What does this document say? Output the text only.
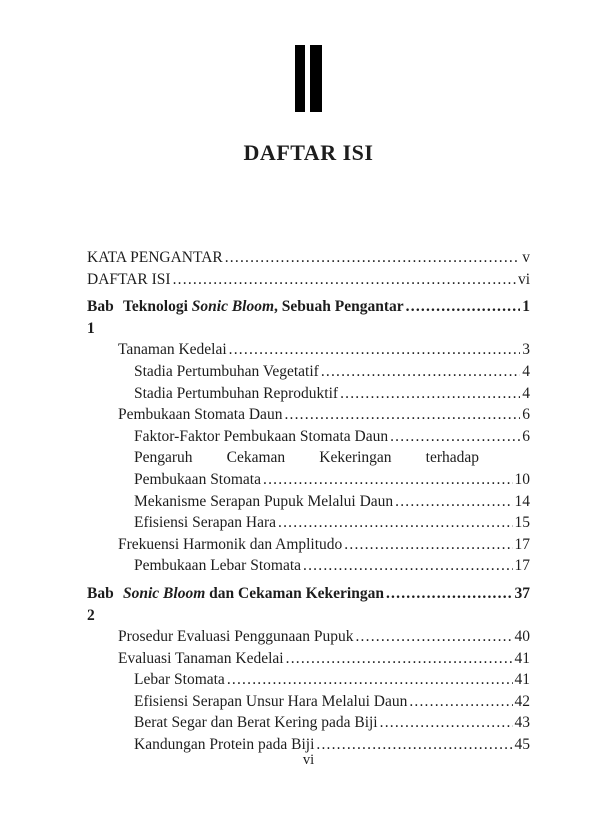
DAFTAR ISI
KATA PENGANTAR .....	v
DAFTAR ISI .....	vi
Bab 1
Teknologi Sonic Bloom, Sebuah Pengantar .....	1
Tanaman Kedelai .....	3
Stadia Pertumbuhan Vegetatif .....	4
Stadia Pertumbuhan Reproduktif .....	4
Pembukaan Stomata Daun .....	6
Faktor-Faktor Pembukaan Stomata Daun .....	6
Pengaruh Cekaman Kekeringan terhadap
Pembukaan Stomata .....	10
Mekanisme Serapan Pupuk Melalui Daun .....	14
Efisiensi Serapan Hara .....	15
Frekuensi Harmonik dan Amplitudo .....	17
Pembukaan Lebar Stomata .....	17
Bab 2
Sonic Bloom dan Cekaman Kekeringan .....	37
Prosedur Evaluasi Penggunaan Pupuk .....	40
Evaluasi Tanaman Kedelai .....	41
Lebar Stomata .....	41
Efisiensi Serapan Unsur Hara Melalui Daun .....	42
Berat Segar dan Berat Kering pada Biji .....	43
Kandungan Protein pada Biji .....	45
vi
